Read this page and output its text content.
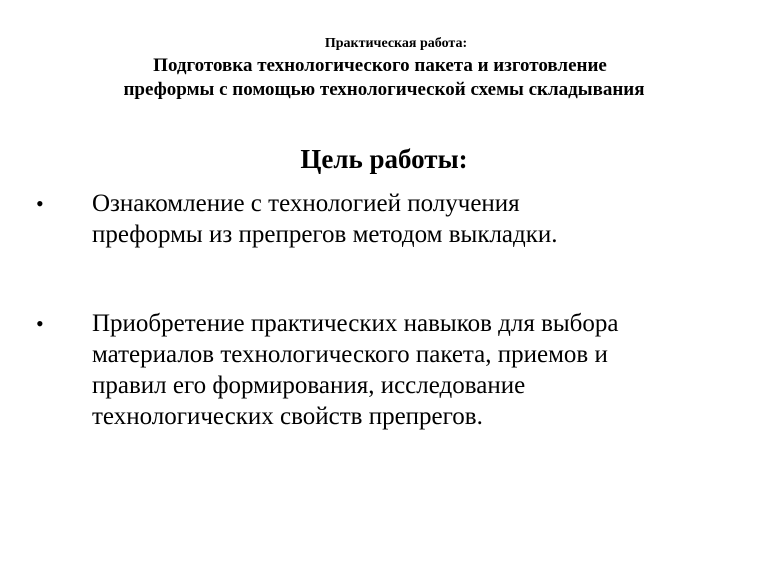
Практическая работа:
Подготовка технологического пакета и изготовление
преформы с помощью технологической схемы складывания
Цель работы:
• Ознакомление с технологией получения
преформы из препрегов методом выкладки.
• Приобретение практических навыков для выбора
материалов технологического пакета, приемов и
правил его формирования, исследование
технологических свойств препрегов.
